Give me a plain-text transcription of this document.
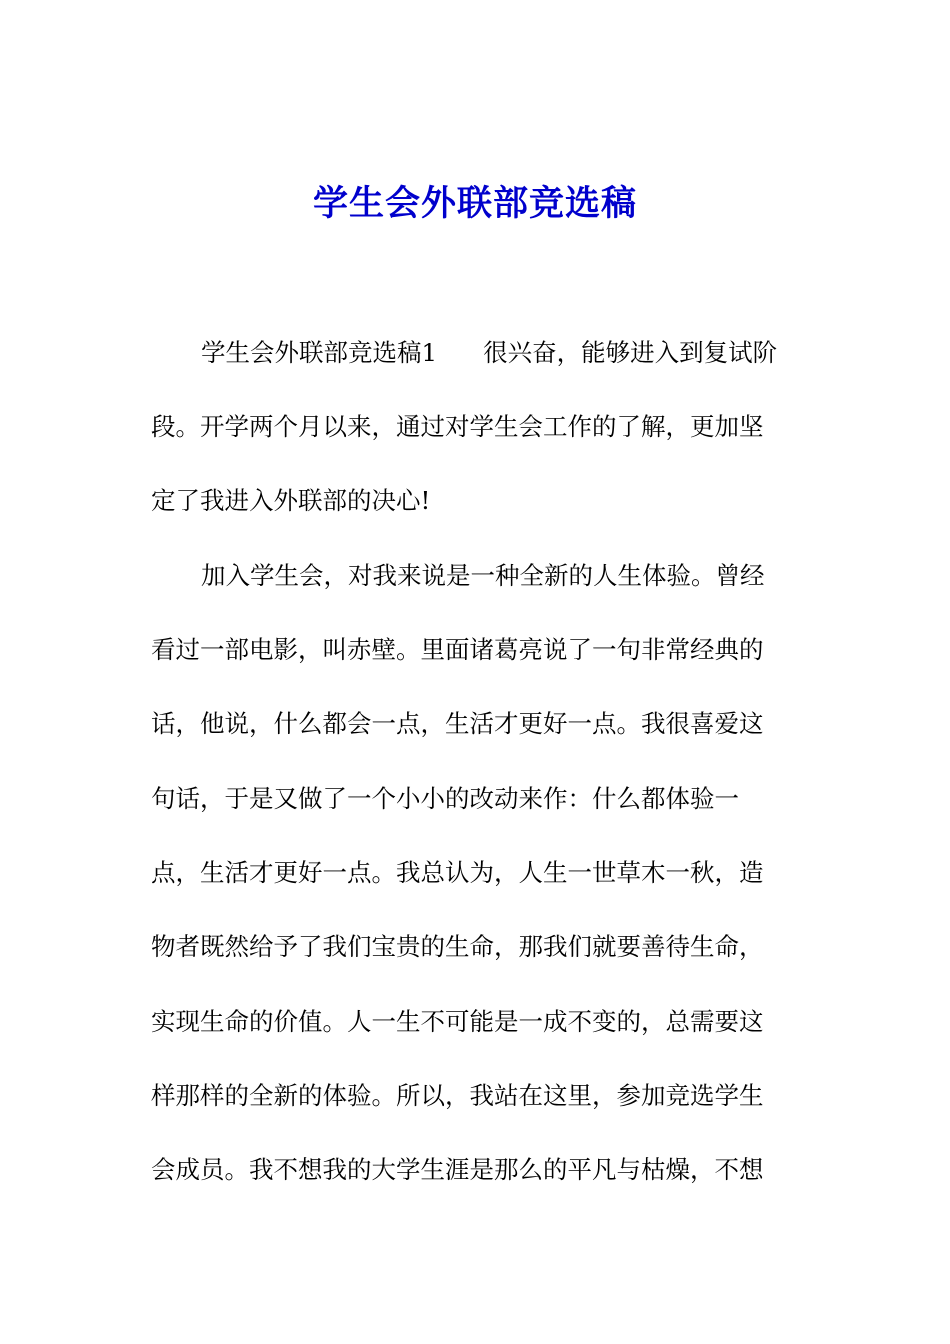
学生会外联部竞选稿
学生会外联部竞选稿1 很兴奋，能够进入到复试阶
段。开学两个月以来，通过对学生会工作的了解，更加坚
定了我进入外联部的决心!
加入学生会，对我来说是一种全新的人生体验。曾经
看过一部电影，叫赤壁。里面诸葛亮说了一句非常经典的
话，他说，什么都会一点，生活才更好一点。我很喜爱这
句话，于是又做了一个小小的改动来作：什么都体验一
点，生活才更好一点。我总认为，人生一世草木一秋，造
物者既然给予了我们宝贵的生命，那我们就要善待生命，
实现生命的价值。人一生不可能是一成不变的，总需要这
样那样的全新的体验。所以，我站在这里，参加竞选学生
会成员。我不想我的大学生涯是那么的平凡与枯燥，不想
